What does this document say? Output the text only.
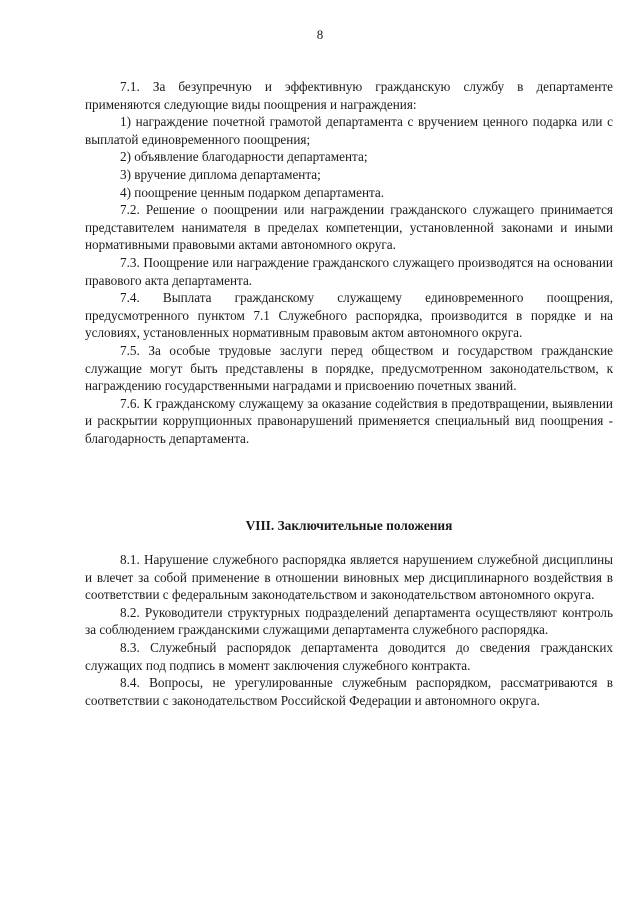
8

7.1. За безупречную и эффективную гражданскую службу в департаменте применяются следующие виды поощрения и награждения:

1) награждение почетной грамотой департамента с вручением ценного подарка или с выплатой единовременного поощрения;

2) объявление благодарности департамента;

3) вручение диплома департамента;

4) поощрение ценным подарком департамента.

7.2. Решение о поощрении или награждении гражданского служащего принимается представителем нанимателя в пределах компетенции, установленной законами и иными нормативными правовыми актами автономного округа.

7.3. Поощрение или награждение гражданского служащего производятся на основании правового акта департамента.

7.4. Выплата гражданскому служащему единовременного поощрения, предусмотренного пунктом 7.1 Служебного распорядка, производится в порядке и на условиях, установленных нормативным правовым актом автономного округа.

7.5. За особые трудовые заслуги перед обществом и государством гражданские служащие могут быть представлены в порядке, предусмотренном законодательством, к награждению государственными наградами и присвоению почетных званий.

7.6. К гражданскому служащему за оказание содействия в предотвращении, выявлении и раскрытии коррупционных правонарушений применяется специальный вид поощрения - благодарность департамента.

VIII. Заключительные положения

8.1. Нарушение служебного распорядка является нарушением служебной дисциплины и влечет за собой применение в отношении виновных мер дисциплинарного воздействия в соответствии с федеральным законодательством и законодательством автономного округа.

8.2. Руководители структурных подразделений департамента осуществляют контроль за соблюдением гражданскими служащими департамента служебного распорядка.

8.3. Служебный распорядок департамента доводится до сведения гражданских служащих под подпись в момент заключения служебного контракта.

8.4. Вопросы, не урегулированные служебным распорядком, рассматриваются в соответствии с законодательством Российской Федерации и автономного округа.
